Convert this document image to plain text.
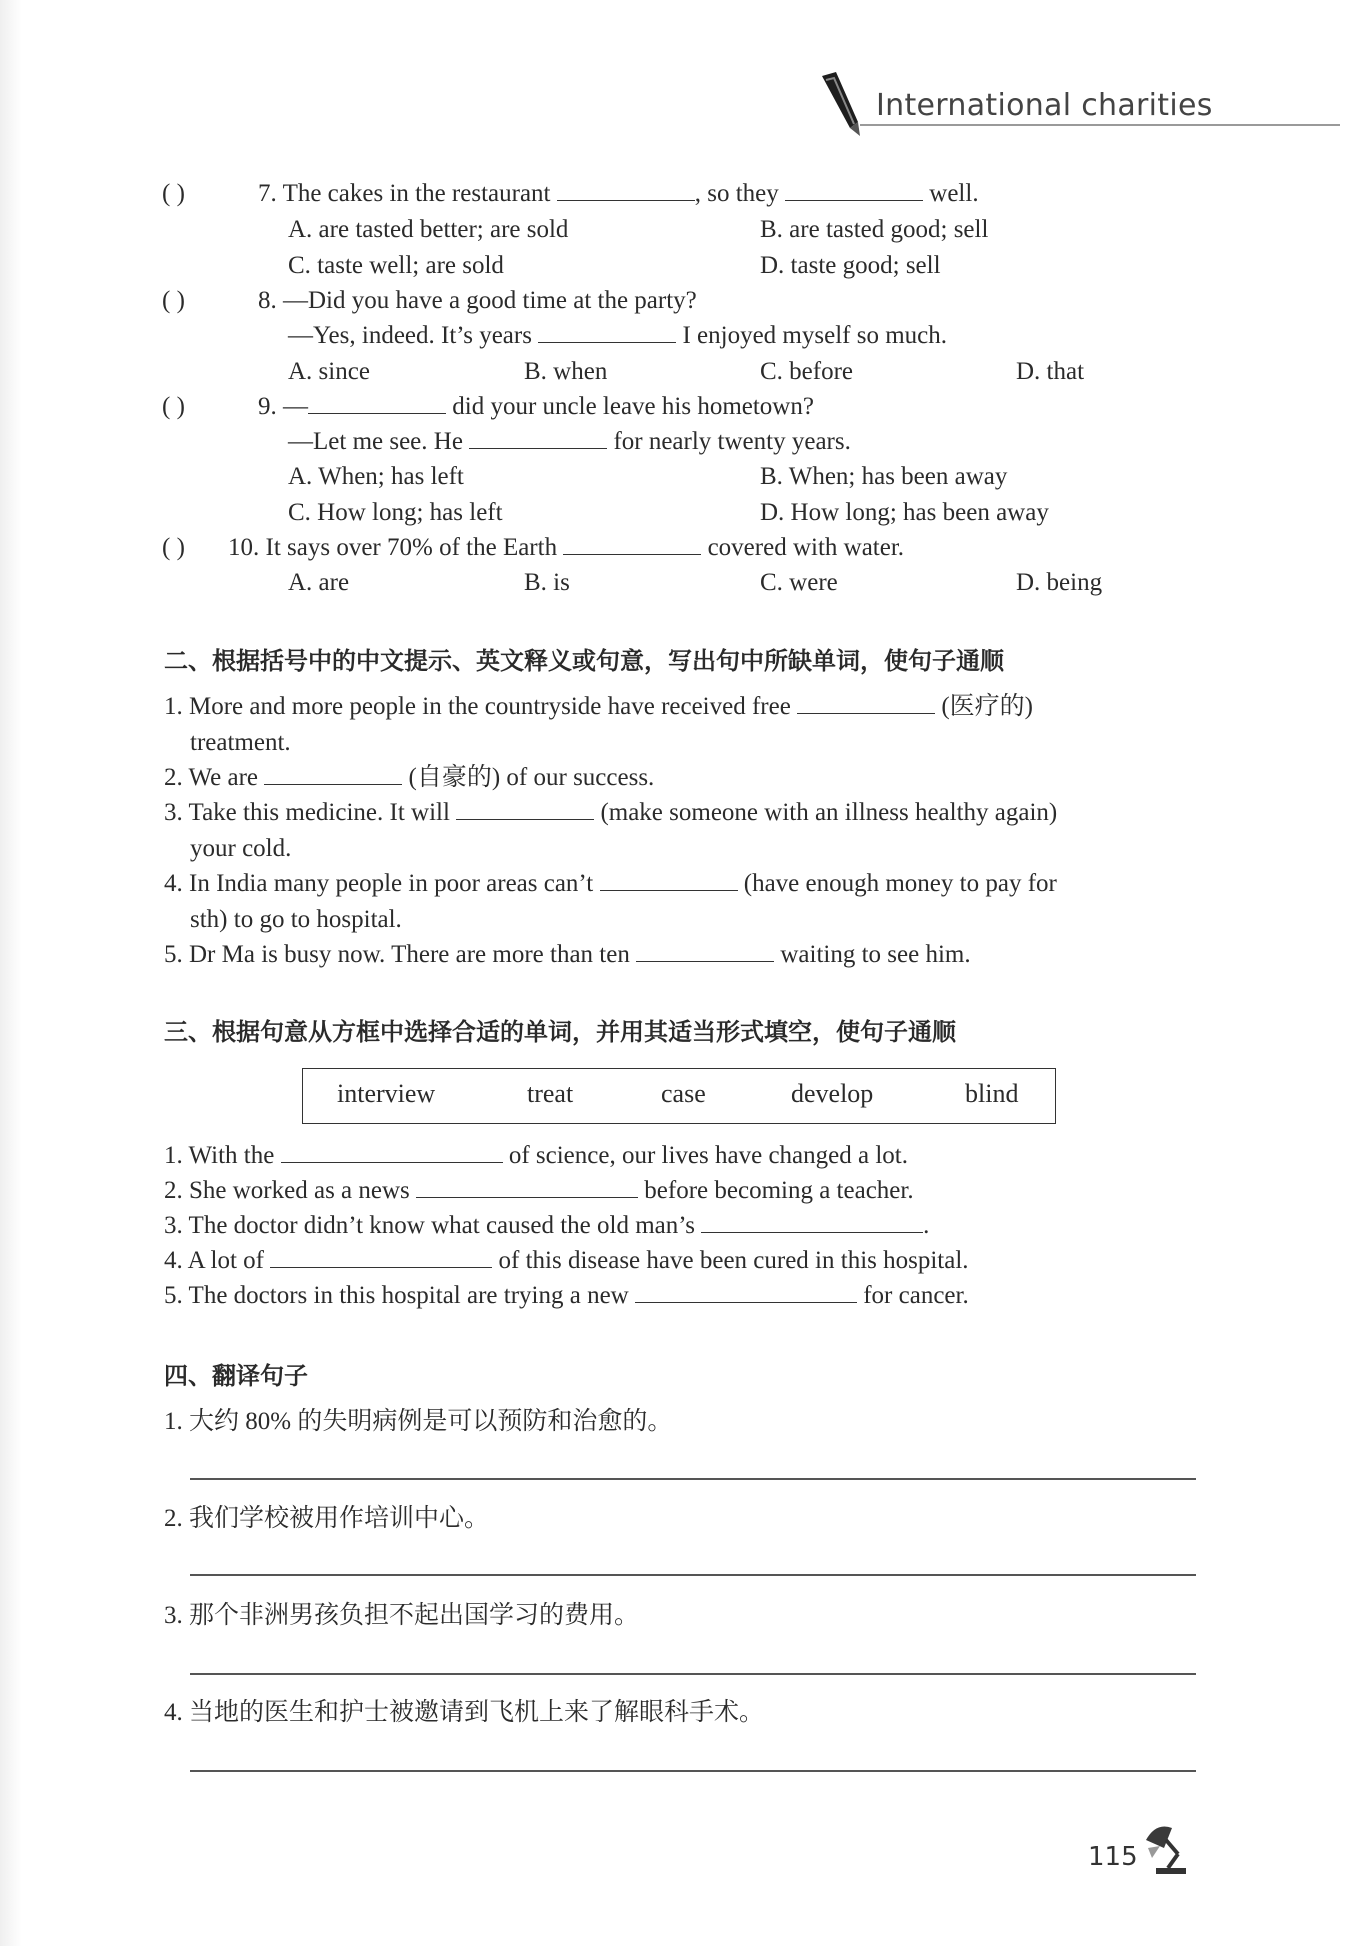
International charities
( )	7. The cakes in the restaurant	, so they	well.
A. are tasted better; are sold	B. are tasted good; sell
C. taste well; are sold	D. taste good; sell
( )	8. —Did you have a good time at the party?
—Yes, indeed. It’s years	I enjoyed myself so much.
A. since	B. when	C. before	D. that
( )	9. —	did your uncle leave his hometown?
—Let me see. He	for nearly twenty years.
A. When; has left	B. When; has been away
C. How long; has left	D. How long; has been away
( ) 10. It says over 70% of the Earth	covered with water.
A. are	B. is	C. were	D. being
二、根据括号中的中文提示、英文释义或句意，写出句中所缺单词，使句子通顺
1. More and more people in the countryside have received free	(医疗的)
treatment.
2. We are	(自豪的) of our success.
3. Take this medicine. It will	(make someone with an illness healthy again)
your cold.
4. In India many people in poor areas can’t	(have enough money to pay for
sth) to go to hospital.
5. Dr Ma is busy now. There are more than ten	waiting to see him.
三、根据句意从方框中选择合适的单词，并用其适当形式填空，使句子通顺
interview	treat	case	develop	blind
1. With the	of science, our lives have changed a lot.
2. She worked as a news	before becoming a teacher.
3. The doctor didn’t know what caused the old man’s	.
4. A lot of	of this disease have been cured in this hospital.
5. The doctors in this hospital are trying a new	for cancer.
四、翻译句子
1. 大约 80% 的失明病例是可以预防和治愈的。
2. 我们学校被用作培训中心。
3. 那个非洲男孩负担不起出国学习的费用。
4. 当地的医生和护士被邀请到飞机上来了解眼科手术。
115
